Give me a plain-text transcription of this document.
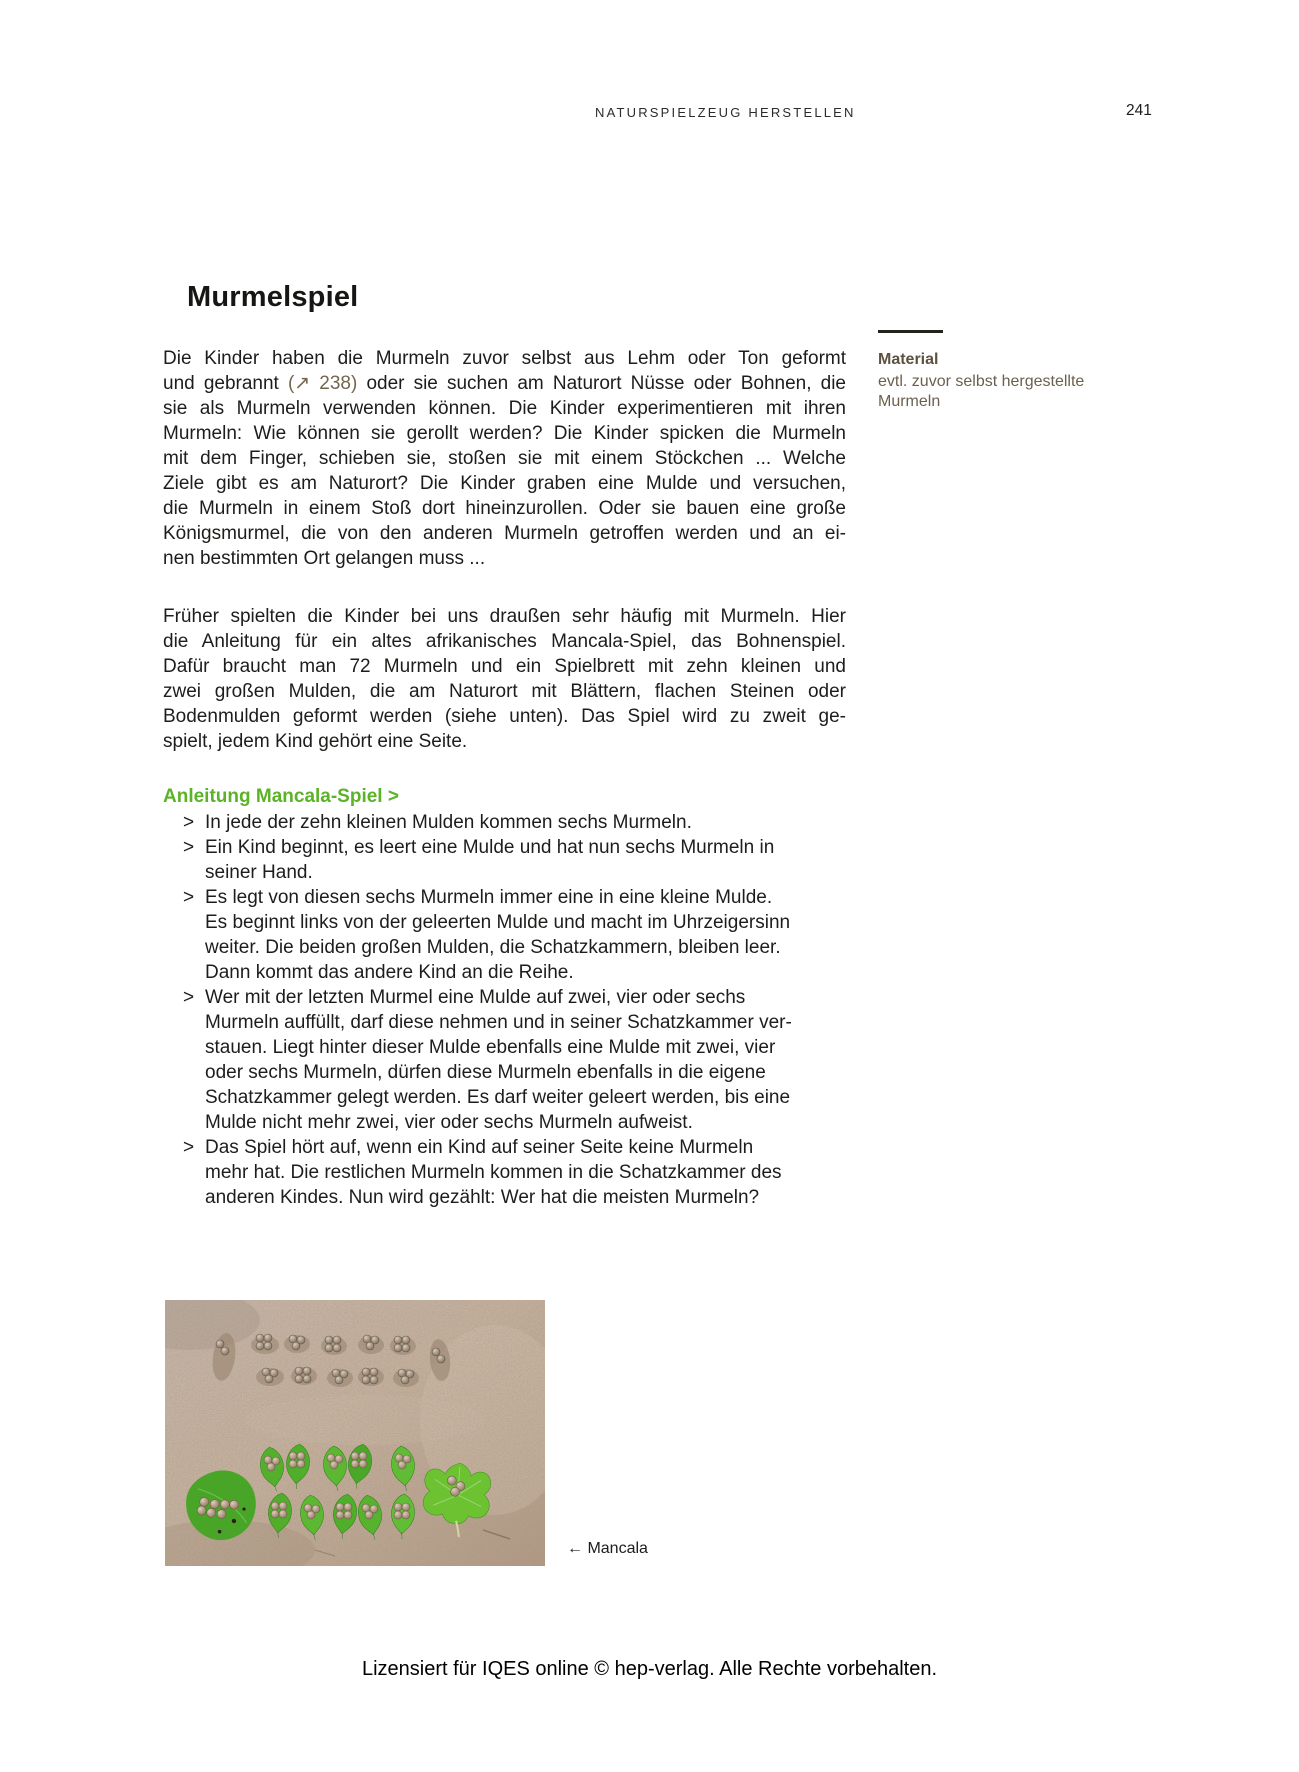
NATURSPIELZEUG HERSTELLEN	241
Murmelspiel
Die Kinder haben die Murmeln zuvor selbst aus Lehm oder Ton geformt
und gebrannt (↗ 238) oder sie suchen am Naturort Nüsse oder Bohnen, die
sie als Murmeln verwenden können. Die Kinder experimentieren mit ihren
Murmeln: Wie können sie gerollt werden? Die Kinder spicken die Murmeln
mit dem Finger, schieben sie, stoßen sie mit einem Stöckchen ... Welche
Ziele gibt es am Naturort? Die Kinder graben eine Mulde und versuchen,
die Murmeln in einem Stoß dort hineinzurollen. Oder sie bauen eine große
Königsmurmel, die von den anderen Murmeln getroffen werden und an ei-
nen bestimmten Ort gelangen muss ...
Früher spielten die Kinder bei uns draußen sehr häufig mit Murmeln. Hier
die Anleitung für ein altes afrikanisches Mancala-Spiel, das Bohnenspiel.
Dafür braucht man 72 Murmeln und ein Spielbrett mit zehn kleinen und
zwei großen Mulden, die am Naturort mit Blättern, flachen Steinen oder
Bodenmulden geformt werden (siehe unten). Das Spiel wird zu zweit ge-
spielt, jedem Kind gehört eine Seite.
Anleitung Mancala-Spiel >
> In jede der zehn kleinen Mulden kommen sechs Murmeln.
> Ein Kind beginnt, es leert eine Mulde und hat nun sechs Murmeln in
seiner Hand.
> Es legt von diesen sechs Murmeln immer eine in eine kleine Mulde.
Es beginnt links von der geleerten Mulde und macht im Uhrzeigersinn
weiter. Die beiden großen Mulden, die Schatzkammern, bleiben leer.
Dann kommt das andere Kind an die Reihe.
> Wer mit der letzten Murmel eine Mulde auf zwei, vier oder sechs
Murmeln auffüllt, darf diese nehmen und in seiner Schatzkammer ver-
stauen. Liegt hinter dieser Mulde ebenfalls eine Mulde mit zwei, vier
oder sechs Murmeln, dürfen diese Murmeln ebenfalls in die eigene
Schatzkammer gelegt werden. Es darf weiter geleert werden, bis eine
Mulde nicht mehr zwei, vier oder sechs Murmeln aufweist.
> Das Spiel hört auf, wenn ein Kind auf seiner Seite keine Murmeln
mehr hat. Die restlichen Murmeln kommen in die Schatzkammer des
anderen Kindes. Nun wird gezählt: Wer hat die meisten Murmeln?
Material
evtl. zuvor selbst hergestellte
Murmeln
← Mancala
Lizensiert für IQES online © hep-verlag. Alle Rechte vorbehalten.
